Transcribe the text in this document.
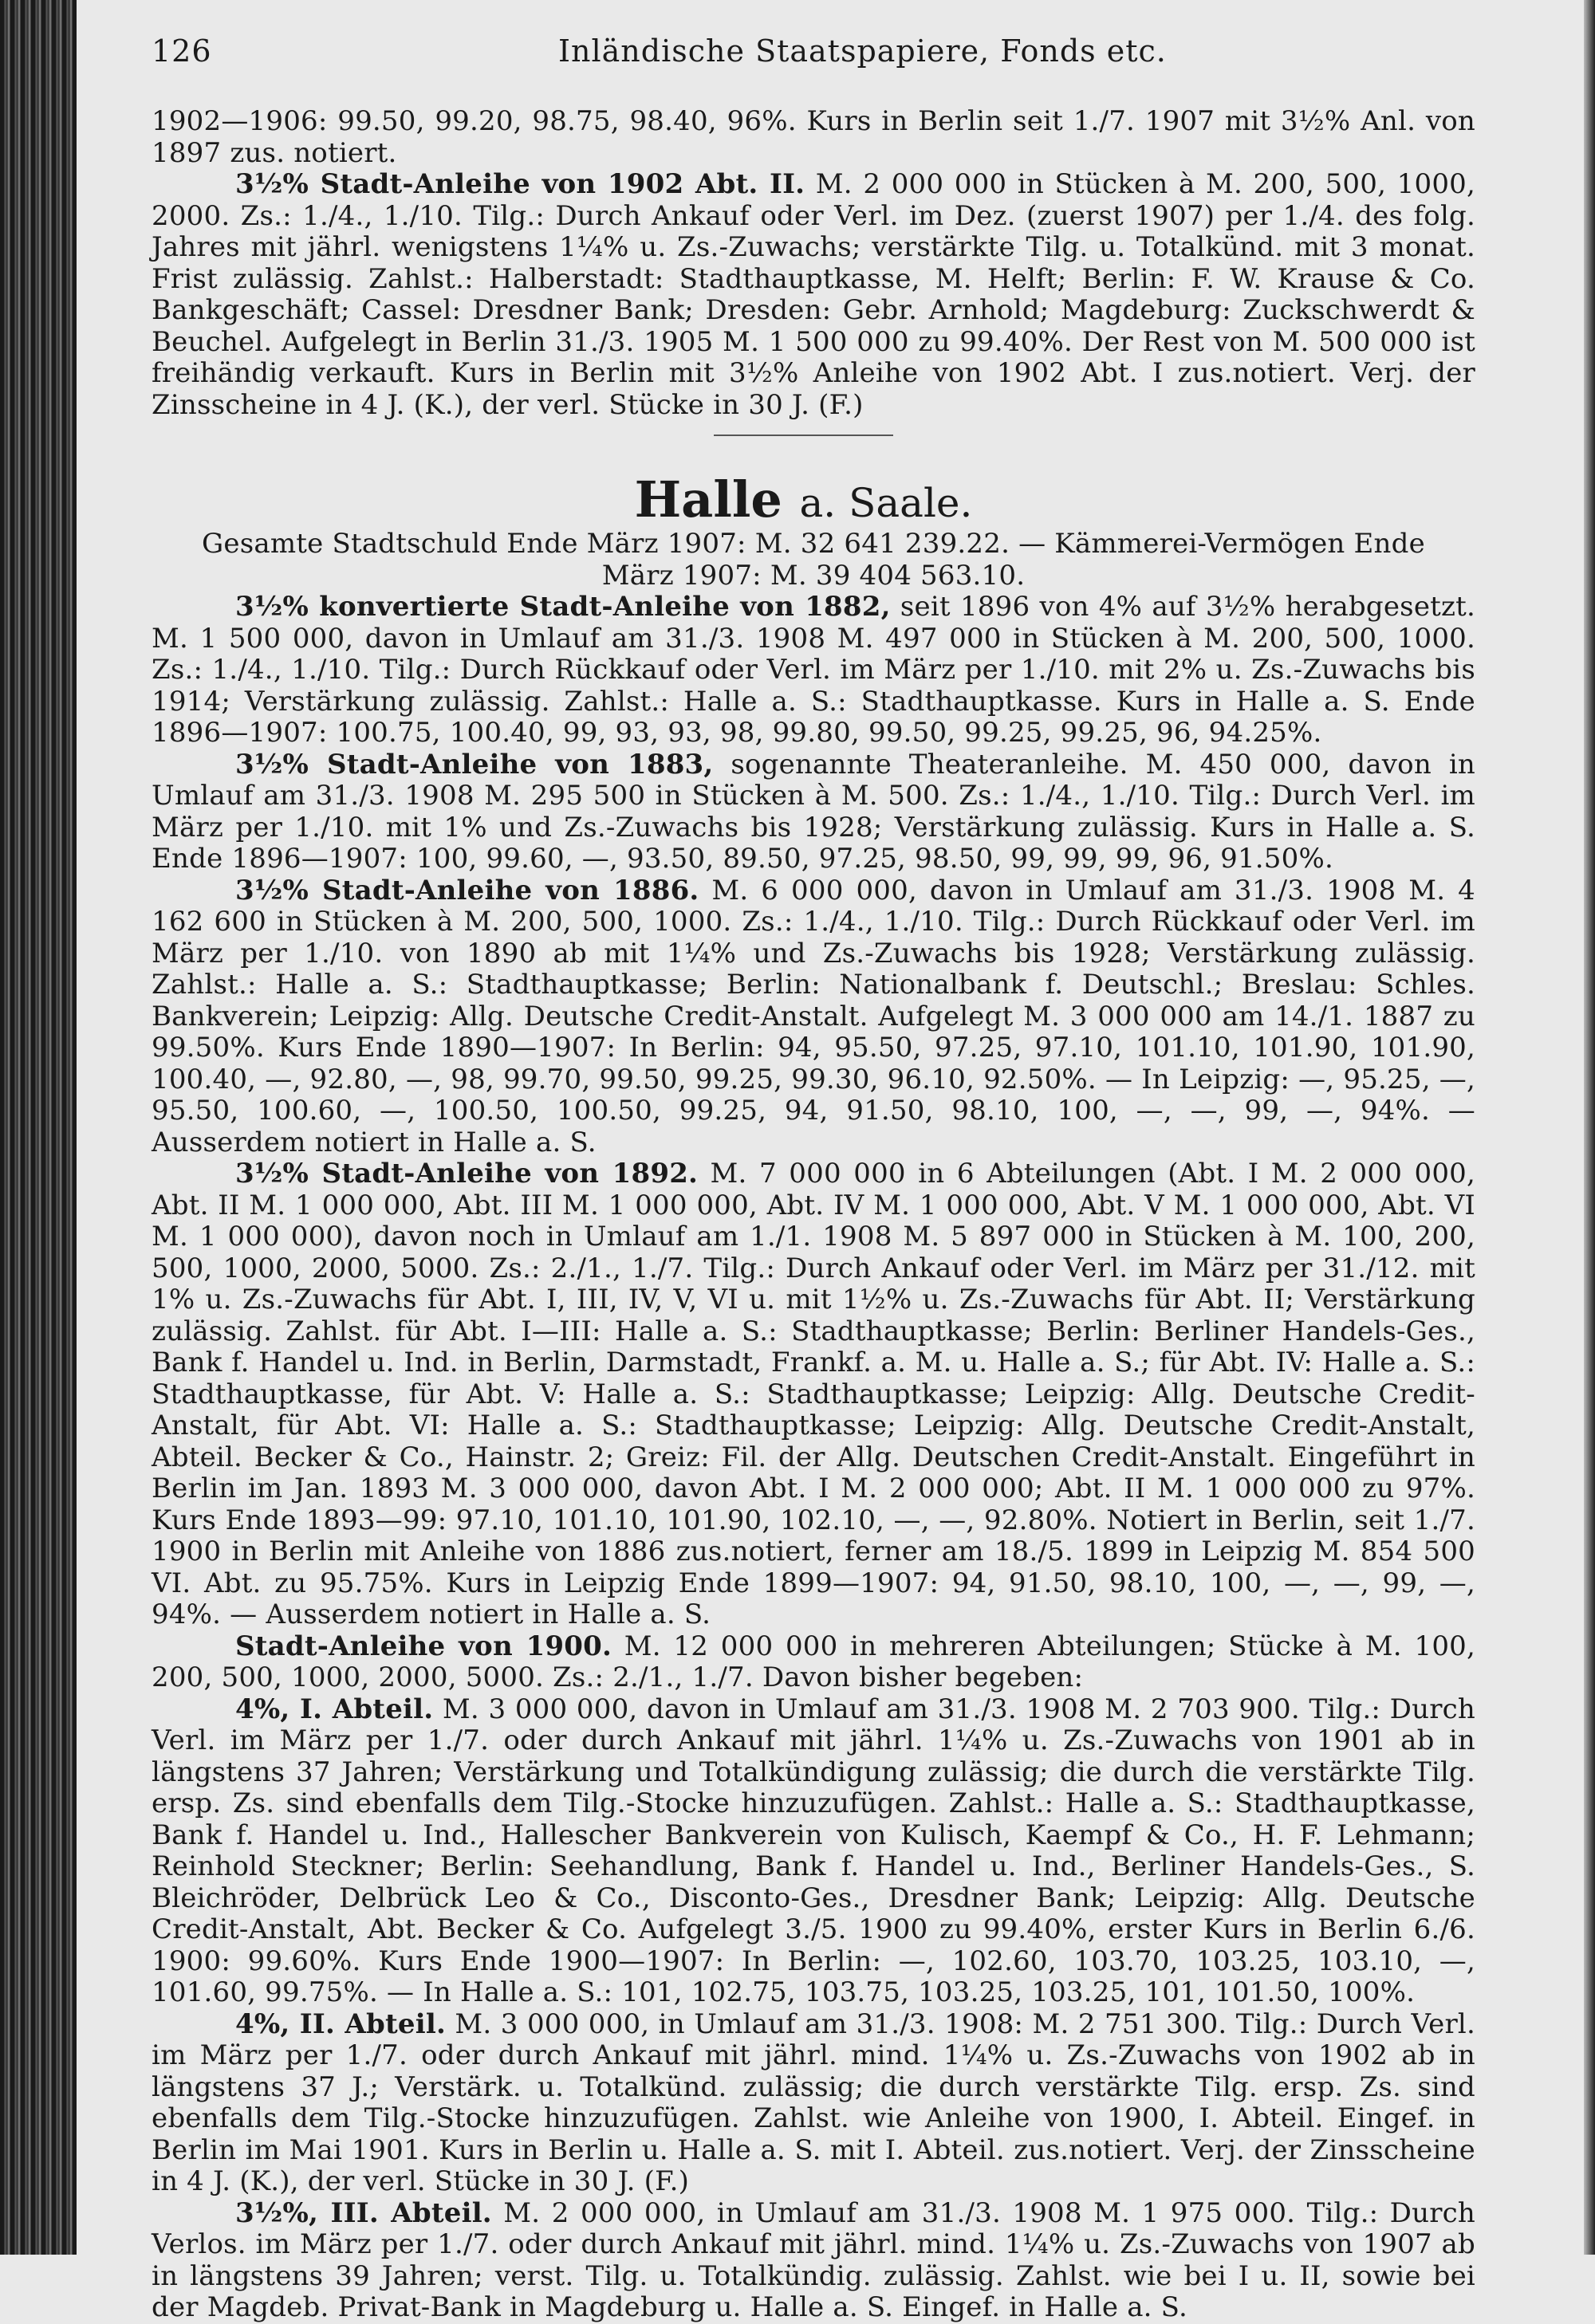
126	Inländische Staatspapiere, Fonds etc.

1902—1906: 99.50, 99.20, 98.75, 98.40, 96%. Kurs in Berlin seit 1./7. 1907 mit 3½% Anl. von 1897 zus. notiert.

3½% Stadt-Anleihe von 1902 Abt. II. M. 2 000 000 in Stücken à M. 200, 500, 1000, 2000. Zs.: 1./4., 1./10. Tilg.: Durch Ankauf oder Verl. im Dez. (zuerst 1907) per 1./4. des folg. Jahres mit jährl. wenigstens 1¼% u. Zs.-Zuwachs; verstärkte Tilg. u. Totalkünd. mit 3 monat. Frist zulässig. Zahlst.: Halberstadt: Stadthauptkasse, M. Helft; Berlin: F. W. Krause & Co. Bankgeschäft; Cassel: Dresdner Bank; Dresden: Gebr. Arnhold; Magdeburg: Zuckschwerdt & Beuchel. Aufgelegt in Berlin 31./3. 1905 M. 1 500 000 zu 99.40%. Der Rest von M. 500 000 ist freihändig verkauft. Kurs in Berlin mit 3½% Anleihe von 1902 Abt. I zus.notiert. Verj. der Zinsscheine in 4 J. (K.), der verl. Stücke in 30 J. (F.)

Halle a. Saale.

Gesamte Stadtschuld Ende März 1907: M. 32 641 239.22. — Kämmerei-Vermögen Ende März 1907: M. 39 404 563.10.

3½% konvertierte Stadt-Anleihe von 1882, seit 1896 von 4% auf 3½% herabgesetzt. M. 1 500 000, davon in Umlauf am 31./3. 1908 M. 497 000 in Stücken à M. 200, 500, 1000. Zs.: 1./4., 1./10. Tilg.: Durch Rückkauf oder Verl. im März per 1./10. mit 2% u. Zs.-Zuwachs bis 1914; Verstärkung zulässig. Zahlst.: Halle a. S.: Stadthauptkasse. Kurs in Halle a. S. Ende 1896—1907: 100.75, 100.40, 99, 93, 93, 98, 99.80, 99.50, 99.25, 99.25, 96, 94.25%.

3½% Stadt-Anleihe von 1883, sogenannte Theateranleihe. M. 450 000, davon in Umlauf am 31./3. 1908 M. 295 500 in Stücken à M. 500. Zs.: 1./4., 1./10. Tilg.: Durch Verl. im März per 1./10. mit 1% und Zs.-Zuwachs bis 1928; Verstärkung zulässig. Kurs in Halle a. S. Ende 1896—1907: 100, 99.60, —, 93.50, 89.50, 97.25, 98.50, 99, 99, 99, 96, 91.50%.

3½% Stadt-Anleihe von 1886. M. 6 000 000, davon in Umlauf am 31./3. 1908 M. 4 162 600 in Stücken à M. 200, 500, 1000. Zs.: 1./4., 1./10. Tilg.: Durch Rückkauf oder Verl. im März per 1./10. von 1890 ab mit 1¼% und Zs.-Zuwachs bis 1928; Verstärkung zulässig. Zahlst.: Halle a. S.: Stadthauptkasse; Berlin: Nationalbank f. Deutschl.; Breslau: Schles. Bankverein; Leipzig: Allg. Deutsche Credit-Anstalt. Aufgelegt M. 3 000 000 am 14./1. 1887 zu 99.50%. Kurs Ende 1890—1907: In Berlin: 94, 95.50, 97.25, 97.10, 101.10, 101.90, 101.90, 100.40, —, 92.80, —, 98, 99.70, 99.50, 99.25, 99.30, 96.10, 92.50%. — In Leipzig: —, 95.25, —, 95.50, 100.60, —, 100.50, 100.50, 99.25, 94, 91.50, 98.10, 100, —, —, 99, —, 94%. — Ausserdem notiert in Halle a. S.

3½% Stadt-Anleihe von 1892. M. 7 000 000 in 6 Abteilungen (Abt. I M. 2 000 000, Abt. II M. 1 000 000, Abt. III M. 1 000 000, Abt. IV M. 1 000 000, Abt. V M. 1 000 000, Abt. VI M. 1 000 000), davon noch in Umlauf am 1./1. 1908 M. 5 897 000 in Stücken à M. 100, 200, 500, 1000, 2000, 5000. Zs.: 2./1., 1./7. Tilg.: Durch Ankauf oder Verl. im März per 31./12. mit 1% u. Zs.-Zuwachs für Abt. I, III, IV, V, VI u. mit 1½% u. Zs.-Zuwachs für Abt. II; Verstärkung zulässig. Zahlst. für Abt. I—III: Halle a. S.: Stadthauptkasse; Berlin: Berliner Handels-Ges., Bank f. Handel u. Ind. in Berlin, Darmstadt, Frankf. a. M. u. Halle a. S.; für Abt. IV: Halle a. S.: Stadthauptkasse, für Abt. V: Halle a. S.: Stadthauptkasse; Leipzig: Allg. Deutsche Credit-Anstalt, für Abt. VI: Halle a. S.: Stadthauptkasse; Leipzig: Allg. Deutsche Credit-Anstalt, Abteil. Becker & Co., Hainstr. 2; Greiz: Fil. der Allg. Deutschen Credit-Anstalt. Eingeführt in Berlin im Jan. 1893 M. 3 000 000, davon Abt. I M. 2 000 000; Abt. II M. 1 000 000 zu 97%. Kurs Ende 1893—99: 97.10, 101.10, 101.90, 102.10, —, —, 92.80%. Notiert in Berlin, seit 1./7. 1900 in Berlin mit Anleihe von 1886 zus.notiert, ferner am 18./5. 1899 in Leipzig M. 854 500 VI. Abt. zu 95.75%. Kurs in Leipzig Ende 1899—1907: 94, 91.50, 98.10, 100, —, —, 99, —, 94%. — Ausserdem notiert in Halle a. S.

Stadt-Anleihe von 1900. M. 12 000 000 in mehreren Abteilungen; Stücke à M. 100, 200, 500, 1000, 2000, 5000. Zs.: 2./1., 1./7. Davon bisher begeben:

4%, I. Abteil. M. 3 000 000, davon in Umlauf am 31./3. 1908 M. 2 703 900. Tilg.: Durch Verl. im März per 1./7. oder durch Ankauf mit jährl. 1¼% u. Zs.-Zuwachs von 1901 ab in längstens 37 Jahren; Verstärkung und Totalkündigung zulässig; die durch die verstärkte Tilg. ersp. Zs. sind ebenfalls dem Tilg.-Stocke hinzuzufügen. Zahlst.: Halle a. S.: Stadthauptkasse, Bank f. Handel u. Ind., Hallescher Bankverein von Kulisch, Kaempf & Co., H. F. Lehmann; Reinhold Steckner; Berlin: Seehandlung, Bank f. Handel u. Ind., Berliner Handels-Ges., S. Bleichröder, Delbrück Leo & Co., Disconto-Ges., Dresdner Bank; Leipzig: Allg. Deutsche Credit-Anstalt, Abt. Becker & Co. Aufgelegt 3./5. 1900 zu 99.40%, erster Kurs in Berlin 6./6. 1900: 99.60%. Kurs Ende 1900—1907: In Berlin: —, 102.60, 103.70, 103.25, 103.10, —, 101.60, 99.75%. — In Halle a. S.: 101, 102.75, 103.75, 103.25, 103.25, 101, 101.50, 100%.

4%, II. Abteil. M. 3 000 000, in Umlauf am 31./3. 1908: M. 2 751 300. Tilg.: Durch Verl. im März per 1./7. oder durch Ankauf mit jährl. mind. 1¼% u. Zs.-Zuwachs von 1902 ab in längstens 37 J.; Verstärk. u. Totalkünd. zulässig; die durch verstärkte Tilg. ersp. Zs. sind ebenfalls dem Tilg.-Stocke hinzuzufügen. Zahlst. wie Anleihe von 1900, I. Abteil. Eingef. in Berlin im Mai 1901. Kurs in Berlin u. Halle a. S. mit I. Abteil. zus.notiert. Verj. der Zinsscheine in 4 J. (K.), der verl. Stücke in 30 J. (F.)

3½%, III. Abteil. M. 2 000 000, in Umlauf am 31./3. 1908 M. 1 975 000. Tilg.: Durch Verlos. im März per 1./7. oder durch Ankauf mit jährl. mind. 1¼% u. Zs.-Zuwachs von 1907 ab in längstens 39 Jahren; verst. Tilg. u. Totalkündig. zulässig. Zahlst. wie bei I u. II, sowie bei der Magdeb. Privat-Bank in Magdeburg u. Halle a. S. Eingef. in Halle a. S.
